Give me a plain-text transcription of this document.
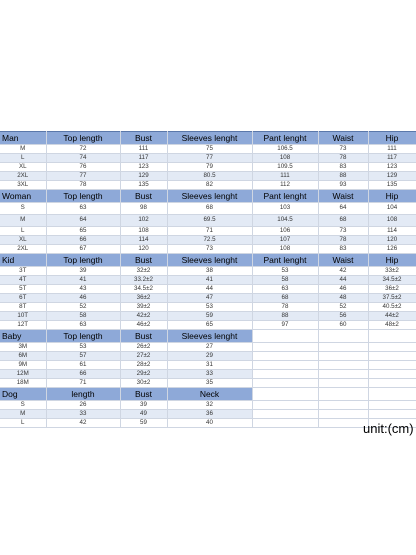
Man	Top length	Bust	Sleeves lenght	Pant lenght	Waist	Hip
M	72	111	75	106.5	73	111
L	74	117	77	108	78	117
XL	76	123	79	109.5	83	123
2XL	77	129	80.5	111	88	129
3XL	78	135	82	112	93	135
Woman	Top length	Bust	Sleeves lenght	Pant lenght	Waist	Hip
S	63	98	68	103	64	104
M	64	102	69.5	104.5	68	108
L	65	108	71	106	73	114
XL	66	114	72.5	107	78	120
2XL	67	120	73	108	83	126
Kid	Top length	Bust	Sleeves lenght	Pant lenght	Waist	Hip
3T	39	32±2	38	53	42	33±2
4T	41	33.2±2	41	58	44	34.5±2
5T	43	34.5±2	44	63	46	36±2
6T	46	36±2	47	68	48	37.5±2
8T	52	39±2	53	78	52	40.5±2
10T	58	42±2	59	88	56	44±2
12T	63	46±2	65	97	60	48±2
Baby	Top length	Bust	Sleeves lenght			
3M	53	26±2	27			
6M	57	27±2	29			
9M	61	28±2	31			
12M	66	29±2	33			
18M	71	30±2	35			
Dog	length	Bust	Neck			
S	26	39	32			
M	33	49	36			
L	42	59	40				unit:(cm)
